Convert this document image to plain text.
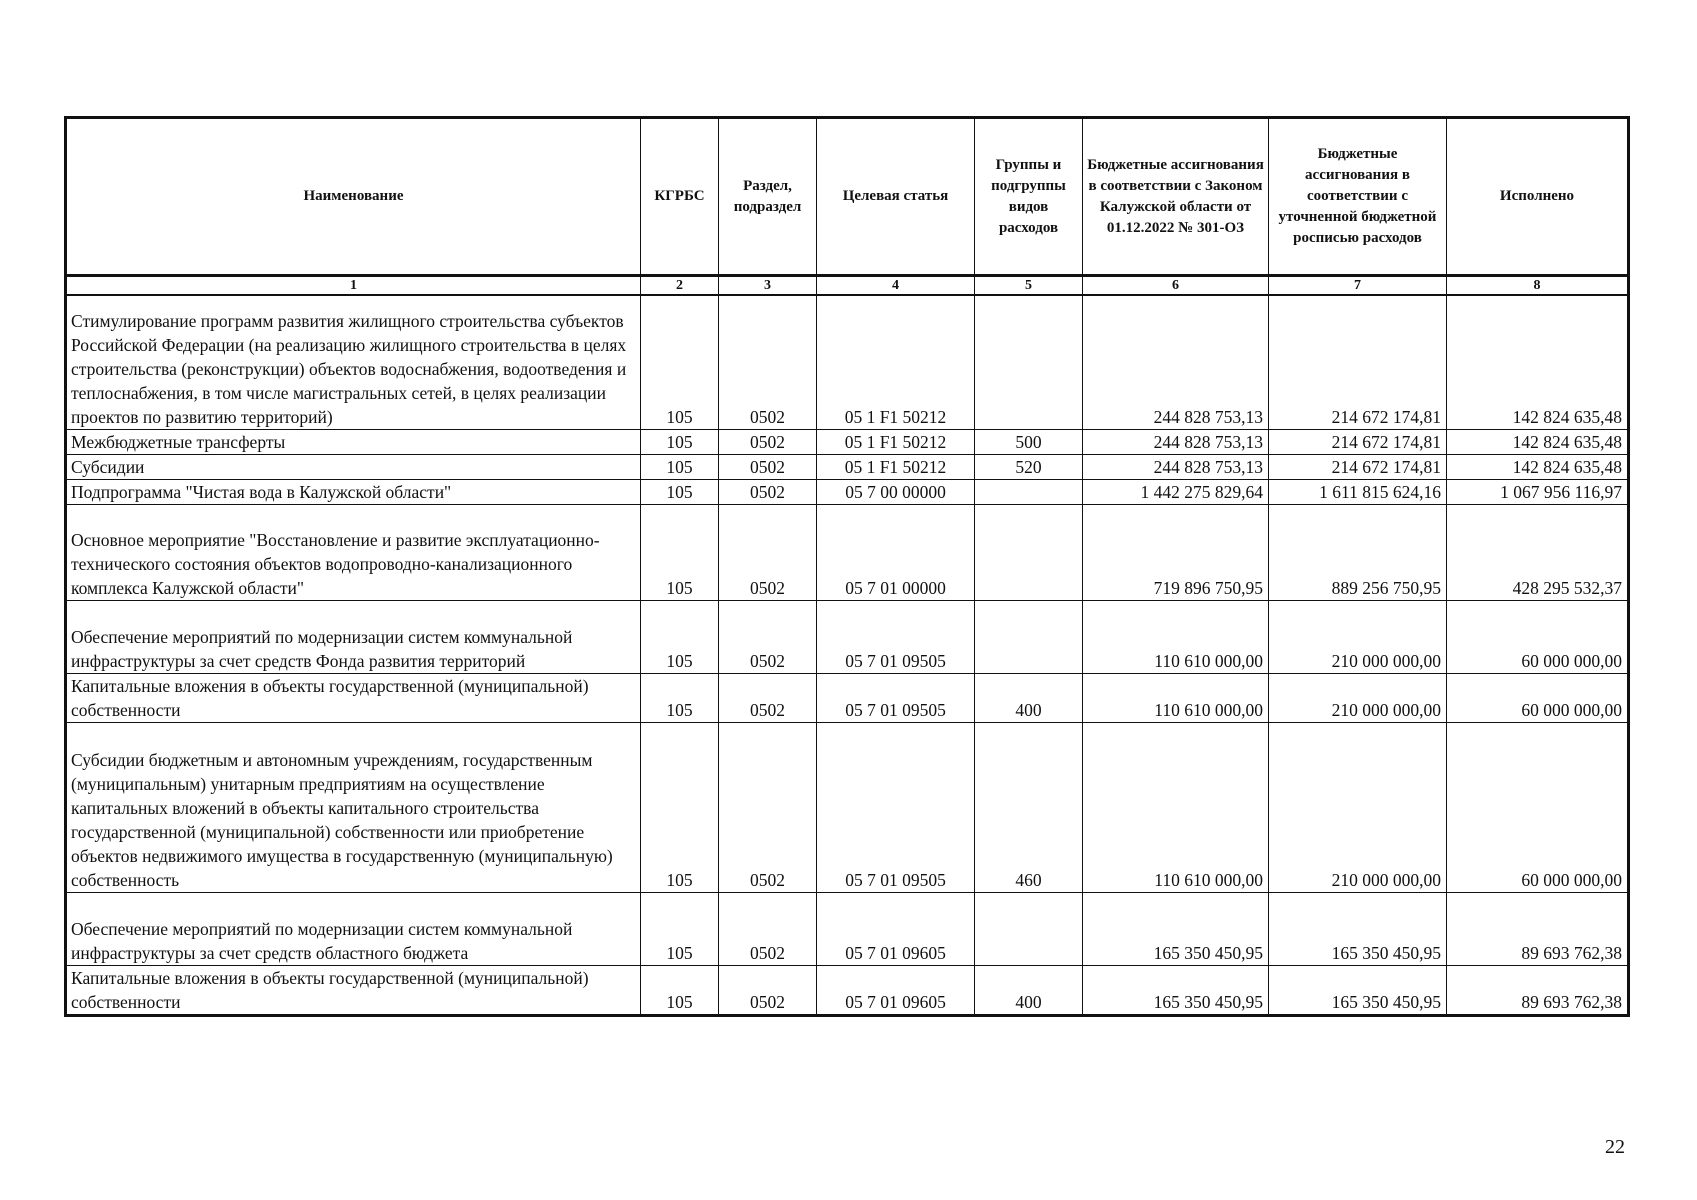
Наименование	КГРБС	Раздел, подраздел	Целевая статья	Группы и подгруппы видов расходов	Бюджетные ассигнования в соответствии с Законом Калужской области от 01.12.2022 № 301-ОЗ	Бюджетные ассигнования в соответствии с уточненной бюджетной росписью расходов	Исполнено
1	2	3	4	5	6	7	8
Стимулирование программ развития жилищного строительства субъектов Российской Федерации (на реализацию жилищного строительства в целях строительства (реконструкции) объектов водоснабжения, водоотведения и теплоснабжения, в том числе магистральных сетей, в целях реализации проектов по развитию территорий)	105	0502	05 1 F1 50212		244 828 753,13	214 672 174,81	142 824 635,48
Межбюджетные трансферты	105	0502	05 1 F1 50212	500	244 828 753,13	214 672 174,81	142 824 635,48
Субсидии	105	0502	05 1 F1 50212	520	244 828 753,13	214 672 174,81	142 824 635,48
Подпрограмма "Чистая вода в Калужской области"	105	0502	05 7 00 00000		1 442 275 829,64	1 611 815 624,16	1 067 956 116,97
Основное мероприятие "Восстановление и развитие эксплуатационно-технического состояния объектов водопроводно-канализационного комплекса Калужской области"	105	0502	05 7 01 00000		719 896 750,95	889 256 750,95	428 295 532,37
Обеспечение мероприятий по модернизации систем коммунальной инфраструктуры за счет средств Фонда развития территорий	105	0502	05 7 01 09505		110 610 000,00	210 000 000,00	60 000 000,00
Капитальные вложения в объекты государственной (муниципальной) собственности	105	0502	05 7 01 09505	400	110 610 000,00	210 000 000,00	60 000 000,00
Субсидии бюджетным и автономным учреждениям, государственным (муниципальным) унитарным предприятиям на осуществление капитальных вложений в объекты капитального строительства государственной (муниципальной) собственности или приобретение объектов недвижимого имущества в государственную (муниципальную) собственность	105	0502	05 7 01 09505	460	110 610 000,00	210 000 000,00	60 000 000,00
Обеспечение мероприятий по модернизации систем коммунальной инфраструктуры за счет средств областного бюджета	105	0502	05 7 01 09605		165 350 450,95	165 350 450,95	89 693 762,38
Капитальные вложения в объекты государственной (муниципальной) собственности	105	0502	05 7 01 09605	400	165 350 450,95	165 350 450,95	89 693 762,38
22
